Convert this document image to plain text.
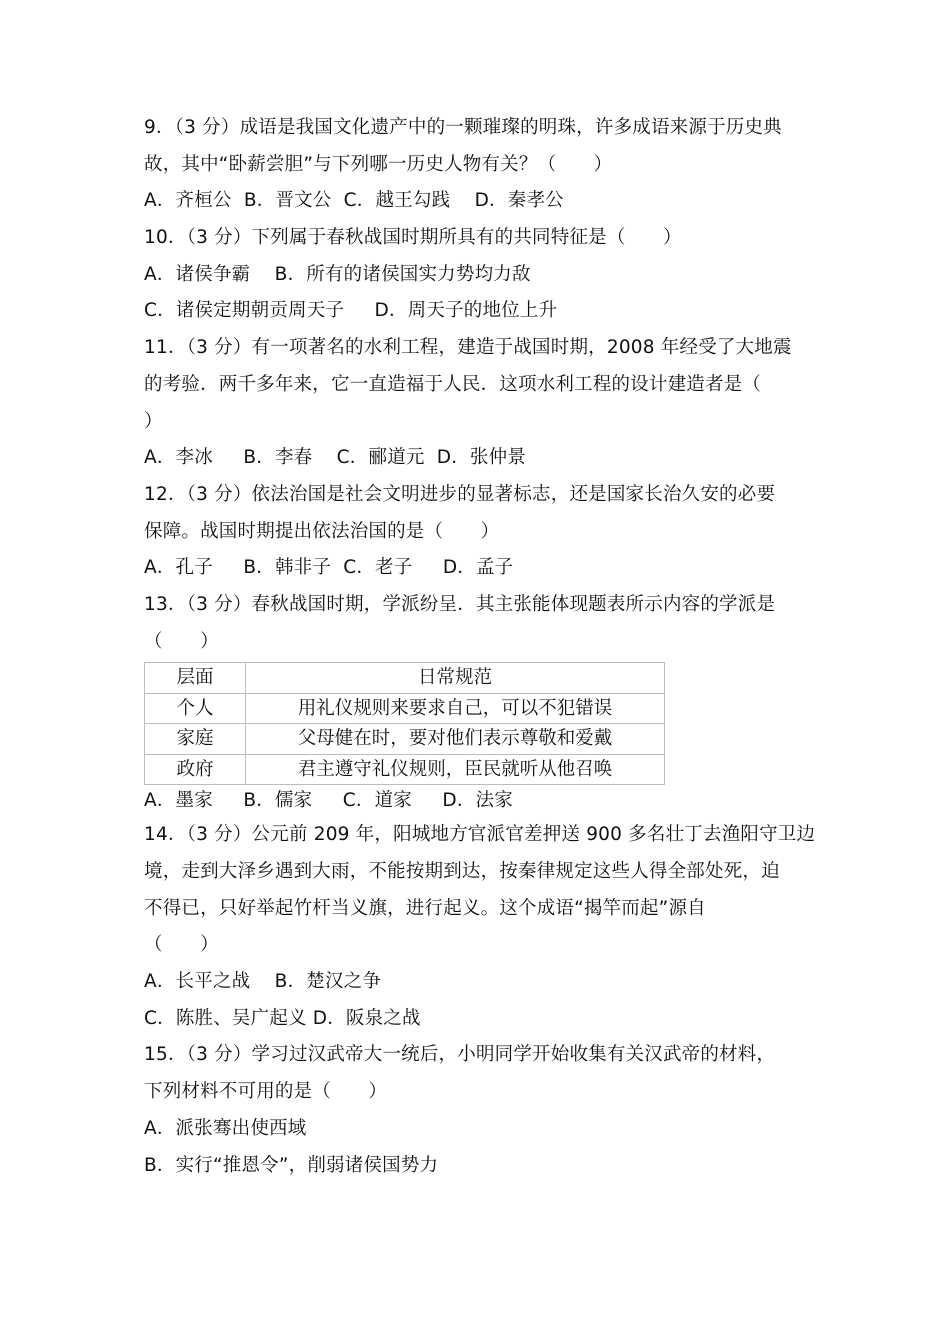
9．（3 分）成语是我国文化遗产中的一颗璀璨的明珠，许多成语来源于历史典
故，其中“卧薪尝胆”与下列哪一历史人物有关？（　　）
A．齐桓公  B．晋文公  C．越王勾践    D．秦孝公
10．（3 分）下列属于春秋战国时期所具有的共同特征是（　　）
A．诸侯争霸    B．所有的诸侯国实力势均力敌
C．诸侯定期朝贡周天子     D．周天子的地位上升
11．（3 分）有一项著名的水利工程，建造于战国时期，2008 年经受了大地震
的考验．两千多年来，它一直造福于人民．这项水利工程的设计建造者是（
）
A．李冰     B．李春    C．郦道元  D．张仲景
12．（3 分）依法治国是社会文明进步的显著标志，还是国家长治久安的必要
保障。战国时期提出依法治国的是（　　）
A．孔子     B．韩非子  C．老子     D．孟子
13．（3 分）春秋战国时期，学派纷呈．其主张能体现题表所示内容的学派是
（　　）
层面	日常规范
个人	用礼仪规则来要求自己，可以不犯错误
家庭	父母健在时，要对他们表示尊敬和爱戴
政府	君主遵守礼仪规则，臣民就听从他召唤
A．墨家     B．儒家     C．道家     D．法家
14．（3 分）公元前 209 年，阳城地方官派官差押送 900 多名壮丁去渔阳守卫边
境，走到大泽乡遇到大雨，不能按期到达，按秦律规定这些人得全部处死，迫
不得已，只好举起竹杆当义旗，进行起义。这个成语“揭竿而起”源自
（　　）
A．长平之战    B．楚汉之争
C．陈胜、吴广起义 D．阪泉之战
15．（3 分）学习过汉武帝大一统后，小明同学开始收集有关汉武帝的材料，
下列材料不可用的是（　　）
A．派张骞出使西域
B．实行“推恩令”，削弱诸侯国势力
